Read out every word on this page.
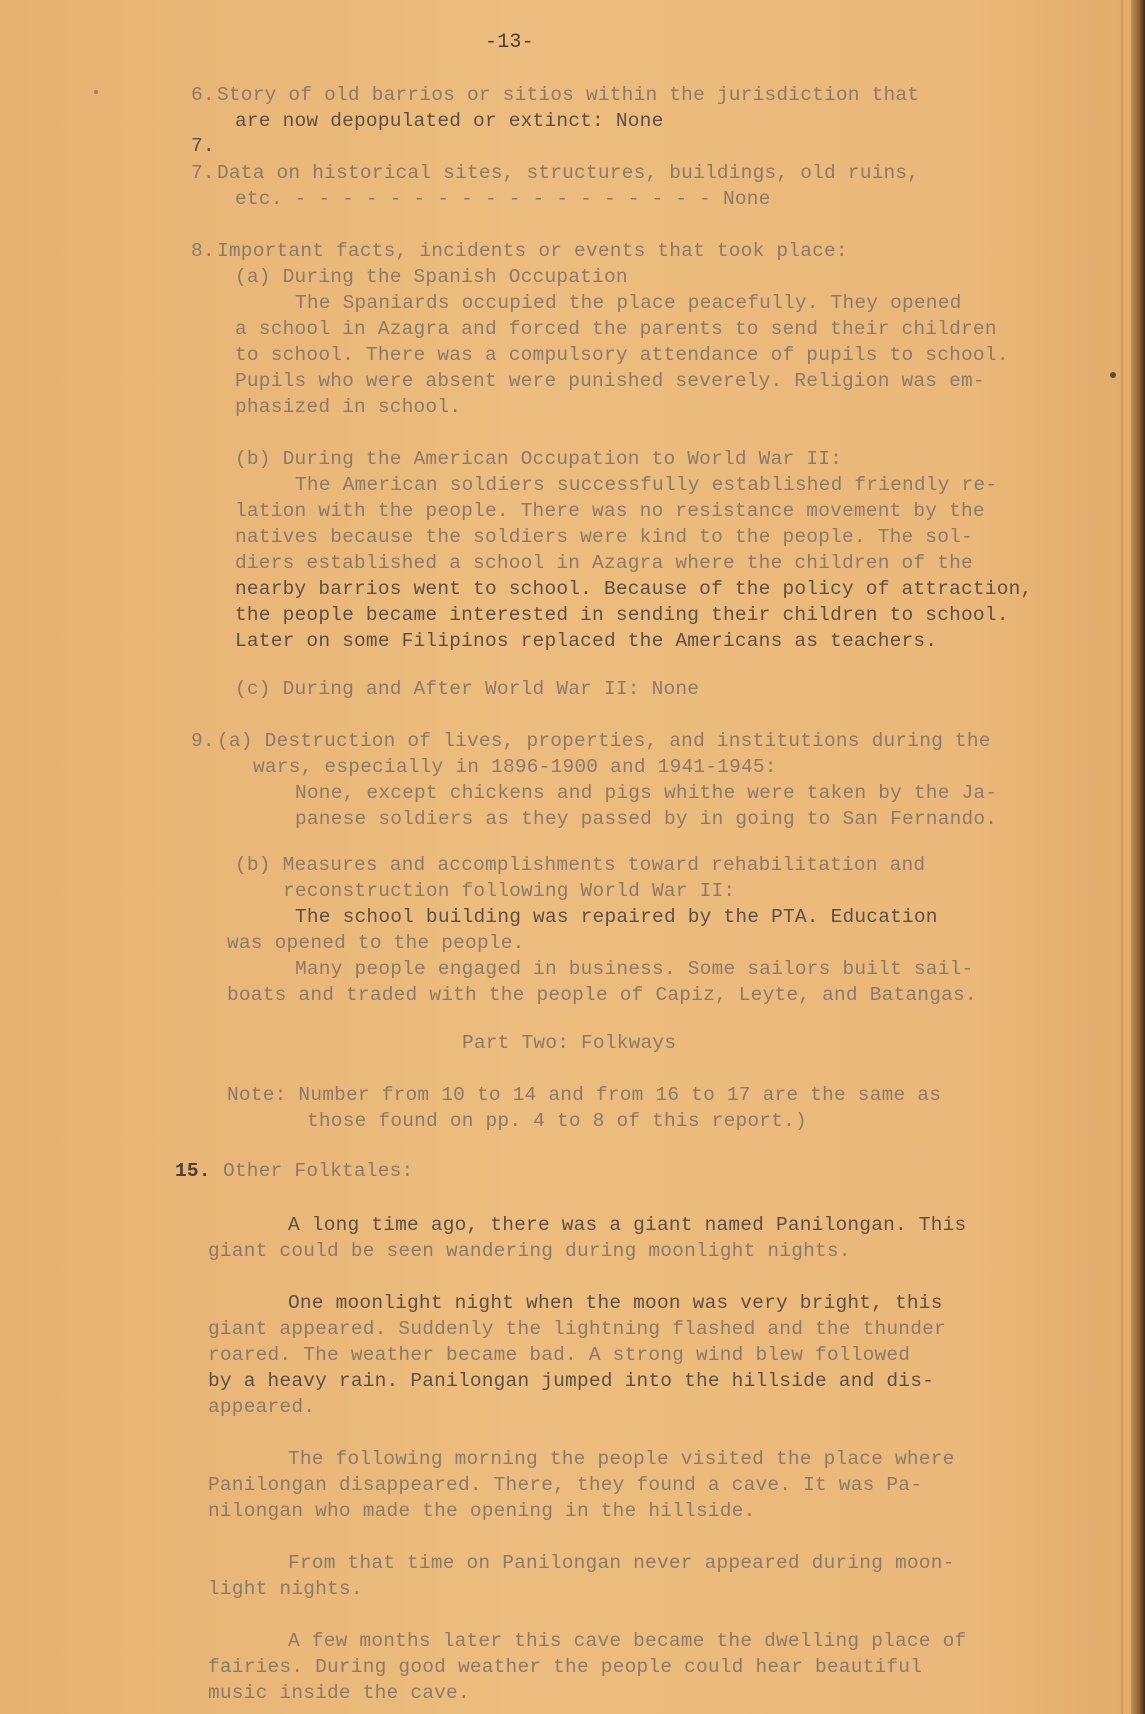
-13-
6. Story of old barrios or sitios within the jurisdiction that
are now depopulated or extinct: None
7.
7. Data on historical sites, structures, buildings, old ruins,
etc. - - - - - - - - - - - - - - - - - - None
8. Important facts, incidents or events that took place:
(a) During the Spanish Occupation
The Spaniards occupied the place peacefully. They opened
a school in Azagra and forced the parents to send their children
to school. There was a compulsory attendance of pupils to school.
Pupils who were absent were punished severely. Religion was em-
phasized in school.
(b) During the American Occupation to World War II:
The American soldiers successfully established friendly re-
lation with the people. There was no resistance movement by the
natives because the soldiers were kind to the people. The sol-
diers established a school in Azagra where the children of the
nearby barrios went to school. Because of the policy of attraction,
the people became interested in sending their children to school.
Later on some Filipinos replaced the Americans as teachers.
(c) During and After World War II: None
9. (a) Destruction of lives, properties, and institutions during the
wars, especially in 1896-1900 and 1941-1945:
None, except chickens and pigs whithe were taken by the Ja-
panese soldiers as they passed by in going to San Fernando.
(b) Measures and accomplishments toward rehabilitation and
reconstruction following World War II:
The school building was repaired by the PTA. Education
was opened to the people.
Many people engaged in business. Some sailors built sail-
boats and traded with the people of Capiz, Leyte, and Batangas.
Part Two: Folkways
Note: Number from 10 to 14 and from 16 to 17 are the same as
those found on pp. 4 to 8 of this report.)
15. Other Folktales:
A long time ago, there was a giant named Panilongan. This
giant could be seen wandering during moonlight nights.
One moonlight night when the moon was very bright, this
giant appeared. Suddenly the lightning flashed and the thunder
roared. The weather became bad. A strong wind blew followed
by a heavy rain. Panilongan jumped into the hillside and dis-
appeared.
The following morning the people visited the place where
Panilongan disappeared. There, they found a cave. It was Pa-
nilongan who made the opening in the hillside.
From that time on Panilongan never appeared during moon-
light nights.
A few months later this cave became the dwelling place of
fairies. During good weather the people could hear beautiful
music inside the cave.
